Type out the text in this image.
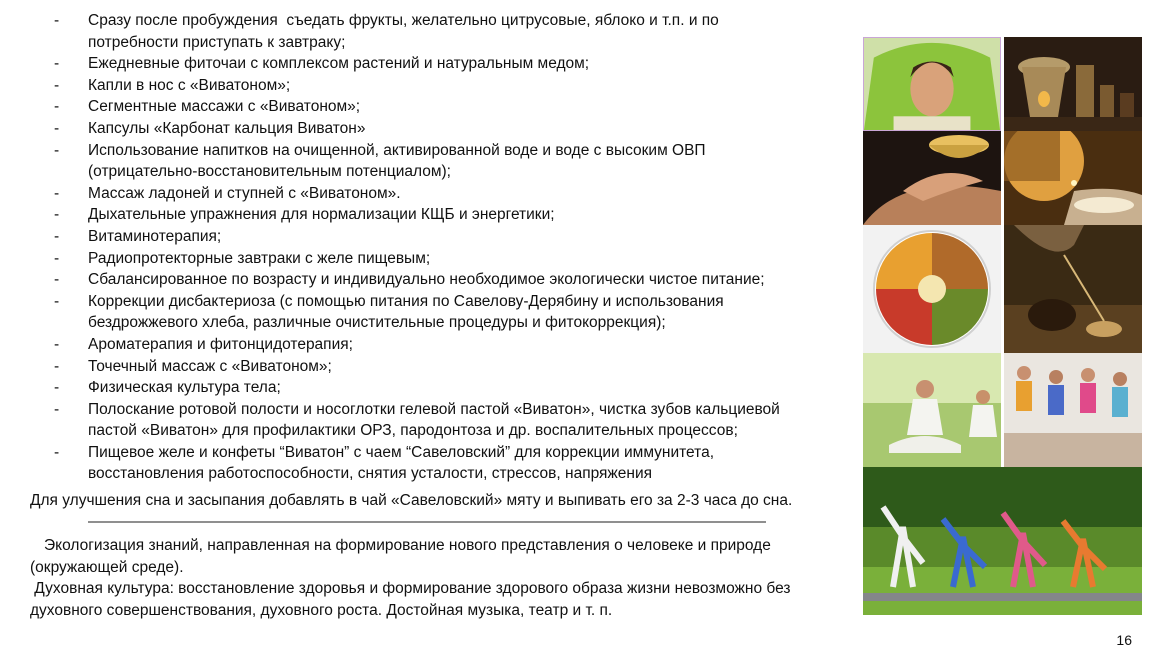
- Сразу после пробуждения  съедать фрукты, желательно цитрусовые, яблоко и т.п. и по
потребности приступать к завтраку;
- Ежедневные фиточаи с комплексом растений и натуральным медом;
- Капли в нос с «Виватоном»;
- Сегментные массажи с «Виватоном»;
- Капсулы «Карбонат кальция Виватон»
- Использование напитков на очищенной, активированной воде и воде с высоким ОВП
(отрицательно-восстановительным потенциалом);
- Массаж ладоней и ступней с «Виватоном».
- Дыхательные упражнения для нормализации КЩБ и энергетики;
- Витаминотерапия;
- Радиопротекторные завтраки с желе пищевым;
- Сбалансированное по возрасту и индивидуально необходимое экологически чистое питание;
- Коррекции дисбактериоза (с помощью питания по Савелову-Дерябину и использования
бездрожжевого хлеба, различные очистительные процедуры и фитокоррекция);
- Ароматерапия и фитонцидотерапия;
- Точечный массаж с «Виватоном»;
- Физическая культура тела;
- Полоскание ротовой полости и носоглотки гелевой пастой «Виватон», чистка зубов кальциевой
пастой «Виватон» для профилактики ОРЗ, пародонтоза и др. воспалительных процессов;
- Пищевое желе и конфеты “Виватон” с чаем “Савеловский” для коррекции иммунитета,
восстановления работоспособности, снятия усталости, стрессов, напряжения
Для улучшения сна и засыпания добавлять в чай «Савеловский» мяту и выпивать его за 2-3 часа до сна.
Экологизация знаний, направленная на формирование нового представления о человеке и природе
(окружающей среде).
Духовная культура: восстановление здоровья и формирование здорового образа жизни невозможно без
духовного совершенствования, духовного роста. Достойная музыка, театр и т. п.
16
